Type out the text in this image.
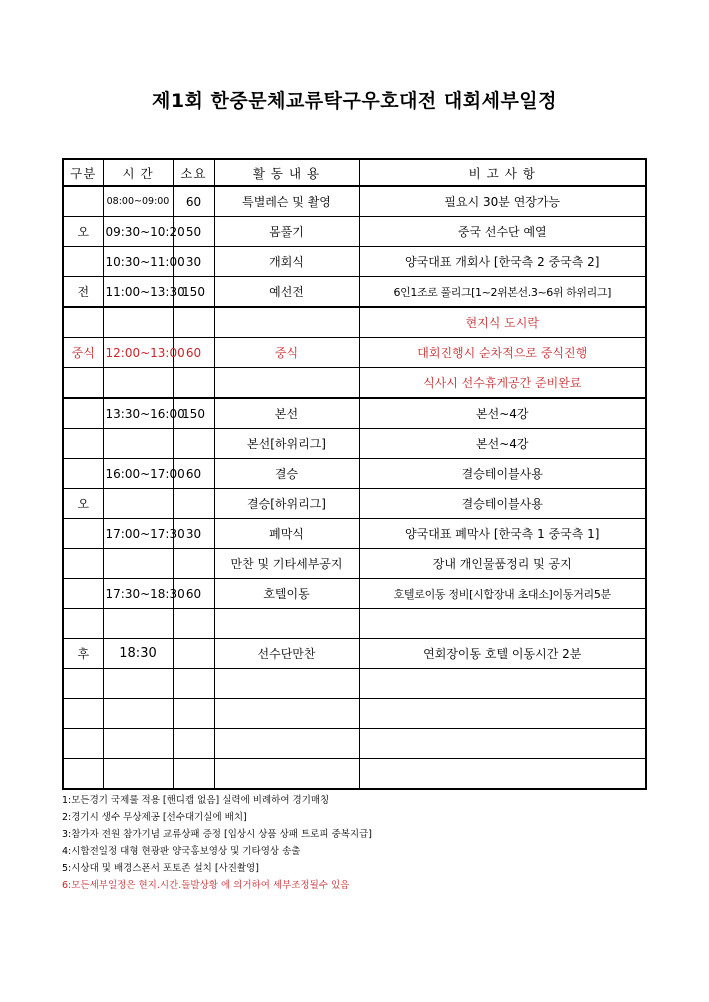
제1회 한중문체교류탁구우호대전 대회세부일정
구분	시 간	소요	활 동 내 용	비 고 사 항
	08:00~09:00	60	특별레슨 및 촬영	필요시 30분 연장가능
오	09:30~10:20	50	몸풀기	중국 선수단 예열
	10:30~11:00	30	개회식	양국대표 개회사 [한국측 2 중국측 2]
전	11:00~13:30	150	예선전	6인1조로 풀리그[1~2위본선.3~6위 하위리그]
				현지식 도시락
중식	12:00~13:00	60	중식	대회진행시 순차적으로 중식진행
				식사시 선수휴게공간 준비완료
	13:30~16:00	150	본선	본선~4강
			본선[하위리그]	본선~4강
	16:00~17:00	60	결승	결승테이블사용
오			결승[하위리그]	결승테이블사용
	17:00~17:30	30	폐막식	양국대표 폐막사 [한국측 1 중국측 1]
			만찬 및 기타세부공지	장내 개인물품정리 및 공지
	17:30~18:30	60	호텔이동	호텔로이동 정비[시합장내 초대소]이동거리5분

후	18:30		선수단만찬	연회장이동 호텔 이동시간 2분

1:모든경기 국제룰 적용 [핸디캡 없음] 실력에 비례하여 경기매칭
2:경기시 생수 무상제공 [선수대기실에 배치]
3:참가자 전원 참가기념 교류상패 증정 [입상시 상품 상패 트로피 중복지급]
4:시합전일정 대형 현광판 양국홍보영상 및 기타영상 송출
5:시상대 및 배경스폰서 포토존 설치 [사진촬영]
6:모든세부일정은 현지.시간.돌발상황 에 의거하여 세부조정될수 있음
